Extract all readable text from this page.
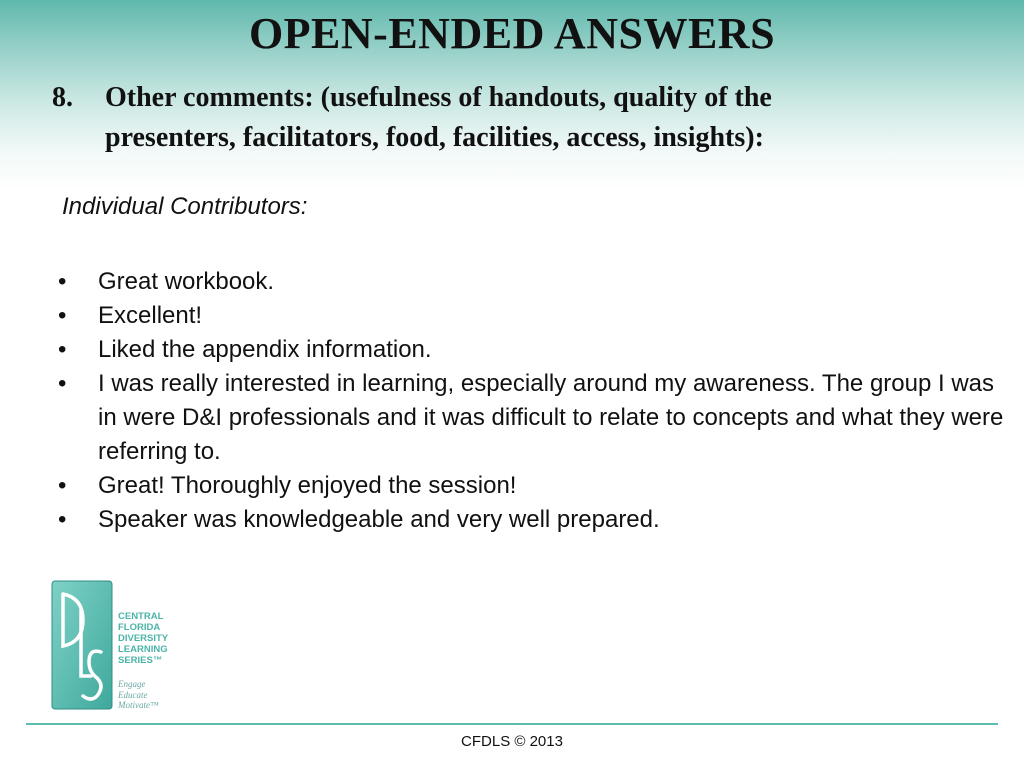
OPEN-ENDED ANSWERS
8. Other comments: (usefulness of handouts, quality of the
presenters, facilitators, food, facilities, access, insights):
Individual Contributors:
• Great workbook.
• Excellent!
• Liked the appendix information.
• I was really interested in learning, especially around my awareness. The group I was in were D&I professionals and it was difficult to relate to concepts and what they were referring to.
• Great! Thoroughly enjoyed the session!
• Speaker was knowledgeable and very well prepared.
CENTRAL
FLORIDA
DIVERSITY
LEARNING
SERIES™
Engage
Educate
Motivate™
CFDLS © 2013
